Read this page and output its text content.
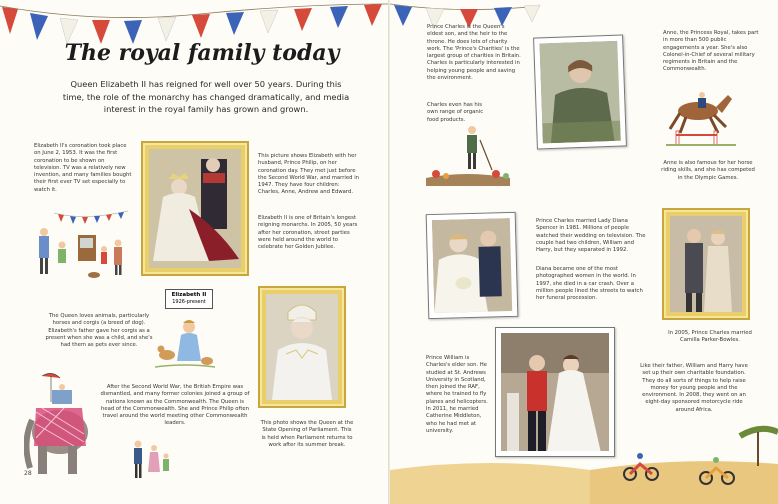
The royal family today

Queen Elizabeth II has reigned for well over 50 years. During this time, the role of the monarchy has changed dramatically, and media interest in the royal family has grown and grown.

Elizabeth II's coronation took place on June 2, 1953. It was the first coronation to be shown on television. TV was a relatively new invention, and many families bought their first ever TV set especially to watch it.

This picture shows Elizabeth with her husband, Prince Philip, on her coronation day. They met just before the Second World War, and married in 1947. They have four children: Charles, Anne, Andrew and Edward.

Elizabeth II is one of Britain's longest reigning monarchs. In 2005, 50 years after her coronation, street parties were held around the world to celebrate her Golden Jubilee.

Elizabeth II
1926-present

The Queen loves animals, particularly horses and corgis (a breed of dog). Elizabeth's father gave her corgis as a present when she was a child, and she's had them as pets ever since.

After the Second World War, the British Empire was dismantled, and many former colonies joined a group of nations known as the Commonwealth. The Queen is head of the Commonwealth. She and Prince Philip often travel around the world meeting other Commonwealth leaders.	This photo shows the Queen at the State Opening of Parliament. This is held when Parliament returns to work after its summer break.

28

Prince Charles is the Queen's eldest son, and the heir to the throne. He does lots of charity work. The 'Prince's Charities' is the largest group of charities in Britain. Charles is particularly interested in helping young people and saving the environment.

Charles even has his own range of organic food products.

Anne, the Princess Royal, takes part in more than 500 public engagements a year. She's also Colonel-in-Chief of several military regiments in Britain and the Commonwealth.

Anne is also famous for her horse riding skills, and she has competed in the Olympic Games.

Prince Charles married Lady Diana Spencer in 1981. Millions of people watched their wedding on television. The couple had two children, William and Harry, but they separated in 1992.

Diana became one of the most photographed women in the world. In 1997, she died in a car crash. Over a million people lined the streets to watch her funeral procession.

In 2005, Prince Charles married Camilla Parker-Bowles.

Prince William is Charles's elder son. He studied at St. Andrews University in Scotland, then joined the RAF, where he trained to fly planes and helicopters. In 2011, he married Catherine Middleton, who he had met at university.

Like their father, William and Harry have set up their own charitable foundation. They do all sorts of things to help raise money for young people and the environment. In 2008, they went on an eight-day sponsored motorcycle ride around Africa.
